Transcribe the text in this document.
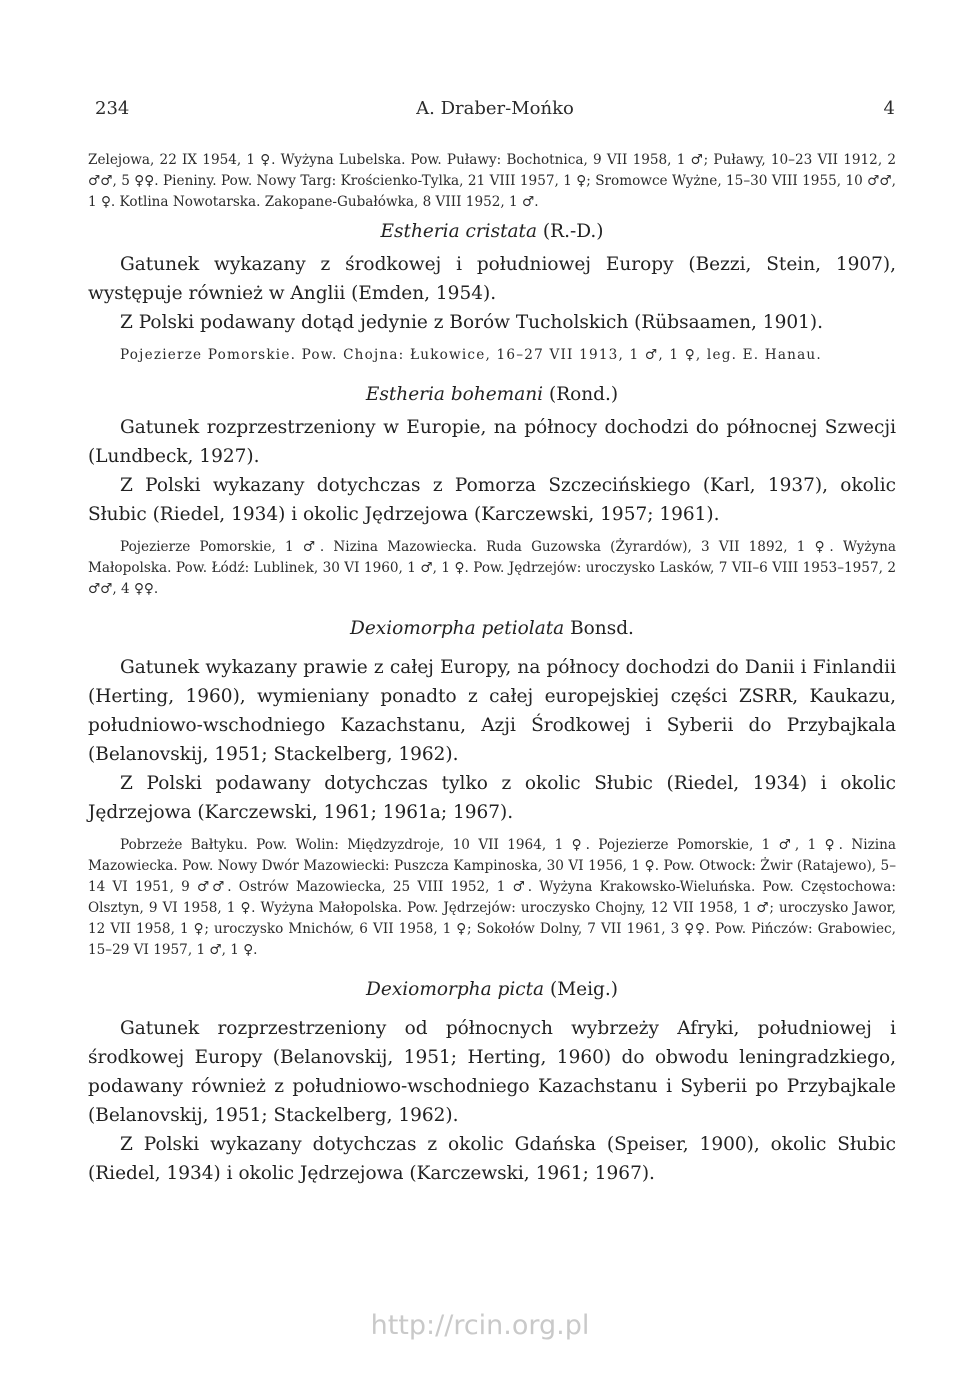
234	A. Draber-Mońko	4

Zelejowa, 22 IX 1954, 1 ♀. Wyżyna Lubelska. Pow. Puławy: Bochotnica, 9 VII 1958, 1 ♂; Puławy, 10–23 VII 1912, 2 ♂♂, 5 ♀♀. Pieniny. Pow. Nowy Targ: Krościenko-Tylka, 21 VIII 1957, 1 ♀; Sromowce Wyżne, 15–30 VIII 1955, 10 ♂♂, 1 ♀. Kotlina Nowotarska. Zakopane-Gubałówka, 8 VIII 1952, 1 ♂.

Estheria cristata (R.-D.)

Gatunek wykazany z środkowej i południowej Europy (Bezzi, Stein, 1907), występuje również w Anglii (Emden, 1954).

Z Polski podawany dotąd jedynie z Borów Tucholskich (Rübsaamen, 1901).

Pojezierze Pomorskie. Pow. Chojna: Łukowice, 16–27 VII 1913, 1 ♂, 1 ♀, leg. E. Hanau.

Estheria bohemani (Rond.)

Gatunek rozprzestrzeniony w Europie, na północy dochodzi do północnej Szwecji (Lundbeck, 1927).

Z Polski wykazany dotychczas z Pomorza Szczecińskiego (Karl, 1937), okolic Słubic (Riedel, 1934) i okolic Jędrzejowa (Karczewski, 1957; 1961).

Pojezierze Pomorskie, 1 ♂. Nizina Mazowiecka. Ruda Guzowska (Żyrardów), 3 VII 1892, 1 ♀. Wyżyna Małopolska. Pow. Łódź: Lublinek, 30 VI 1960, 1 ♂, 1 ♀. Pow. Jędrzejów: uroczysko Lasków, 7 VII–6 VIII 1953–1957, 2 ♂♂, 4 ♀♀.

Dexiomorpha petiolata Bonsd.

Gatunek wykazany prawie z całej Europy, na północy dochodzi do Danii i Finlandii (Herting, 1960), wymieniany ponadto z całej europejskiej części ZSRR, Kaukazu, południowo-wschodniego Kazachstanu, Azji Środkowej i Syberii do Przybajkala (Belanovskij, 1951; Stackelberg, 1962).

Z Polski podawany dotychczas tylko z okolic Słubic (Riedel, 1934) i okolic Jędrzejowa (Karczewski, 1961; 1961a; 1967).

Pobrzeże Bałtyku. Pow. Wolin: Międzyzdroje, 10 VII 1964, 1 ♀. Pojezierze Pomorskie, 1 ♂, 1 ♀. Nizina Mazowiecka. Pow. Nowy Dwór Mazowiecki: Puszcza Kampinoska, 30 VI 1956, 1 ♀. Pow. Otwock: Żwir (Ratajewo), 5–14 VI 1951, 9 ♂♂. Ostrów Mazowiecka, 25 VIII 1952, 1 ♂. Wyżyna Krakowsko-Wieluńska. Pow. Częstochowa: Olsztyn, 9 VI 1958, 1 ♀. Wyżyna Małopolska. Pow. Jędrzejów: uroczysko Chojny, 12 VII 1958, 1 ♂; uroczysko Jawor, 12 VII 1958, 1 ♀; uroczysko Mnichów, 6 VII 1958, 1 ♀; Sokołów Dolny, 7 VII 1961, 3 ♀♀. Pow. Pińczów: Grabowiec, 15–29 VI 1957, 1 ♂, 1 ♀.

Dexiomorpha picta (Meig.)

Gatunek rozprzestrzeniony od północnych wybrzeży Afryki, południowej i środkowej Europy (Belanovskij, 1951; Herting, 1960) do obwodu leningradzkiego, podawany również z południowo-wschodniego Kazachstanu i Syberii po Przybajkale (Belanovskij, 1951; Stackelberg, 1962).

Z Polski wykazany dotychczas z okolic Gdańska (Speiser, 1900), okolic Słubic (Riedel, 1934) i okolic Jędrzejowa (Karczewski, 1961; 1967).

http://rcin.org.pl
